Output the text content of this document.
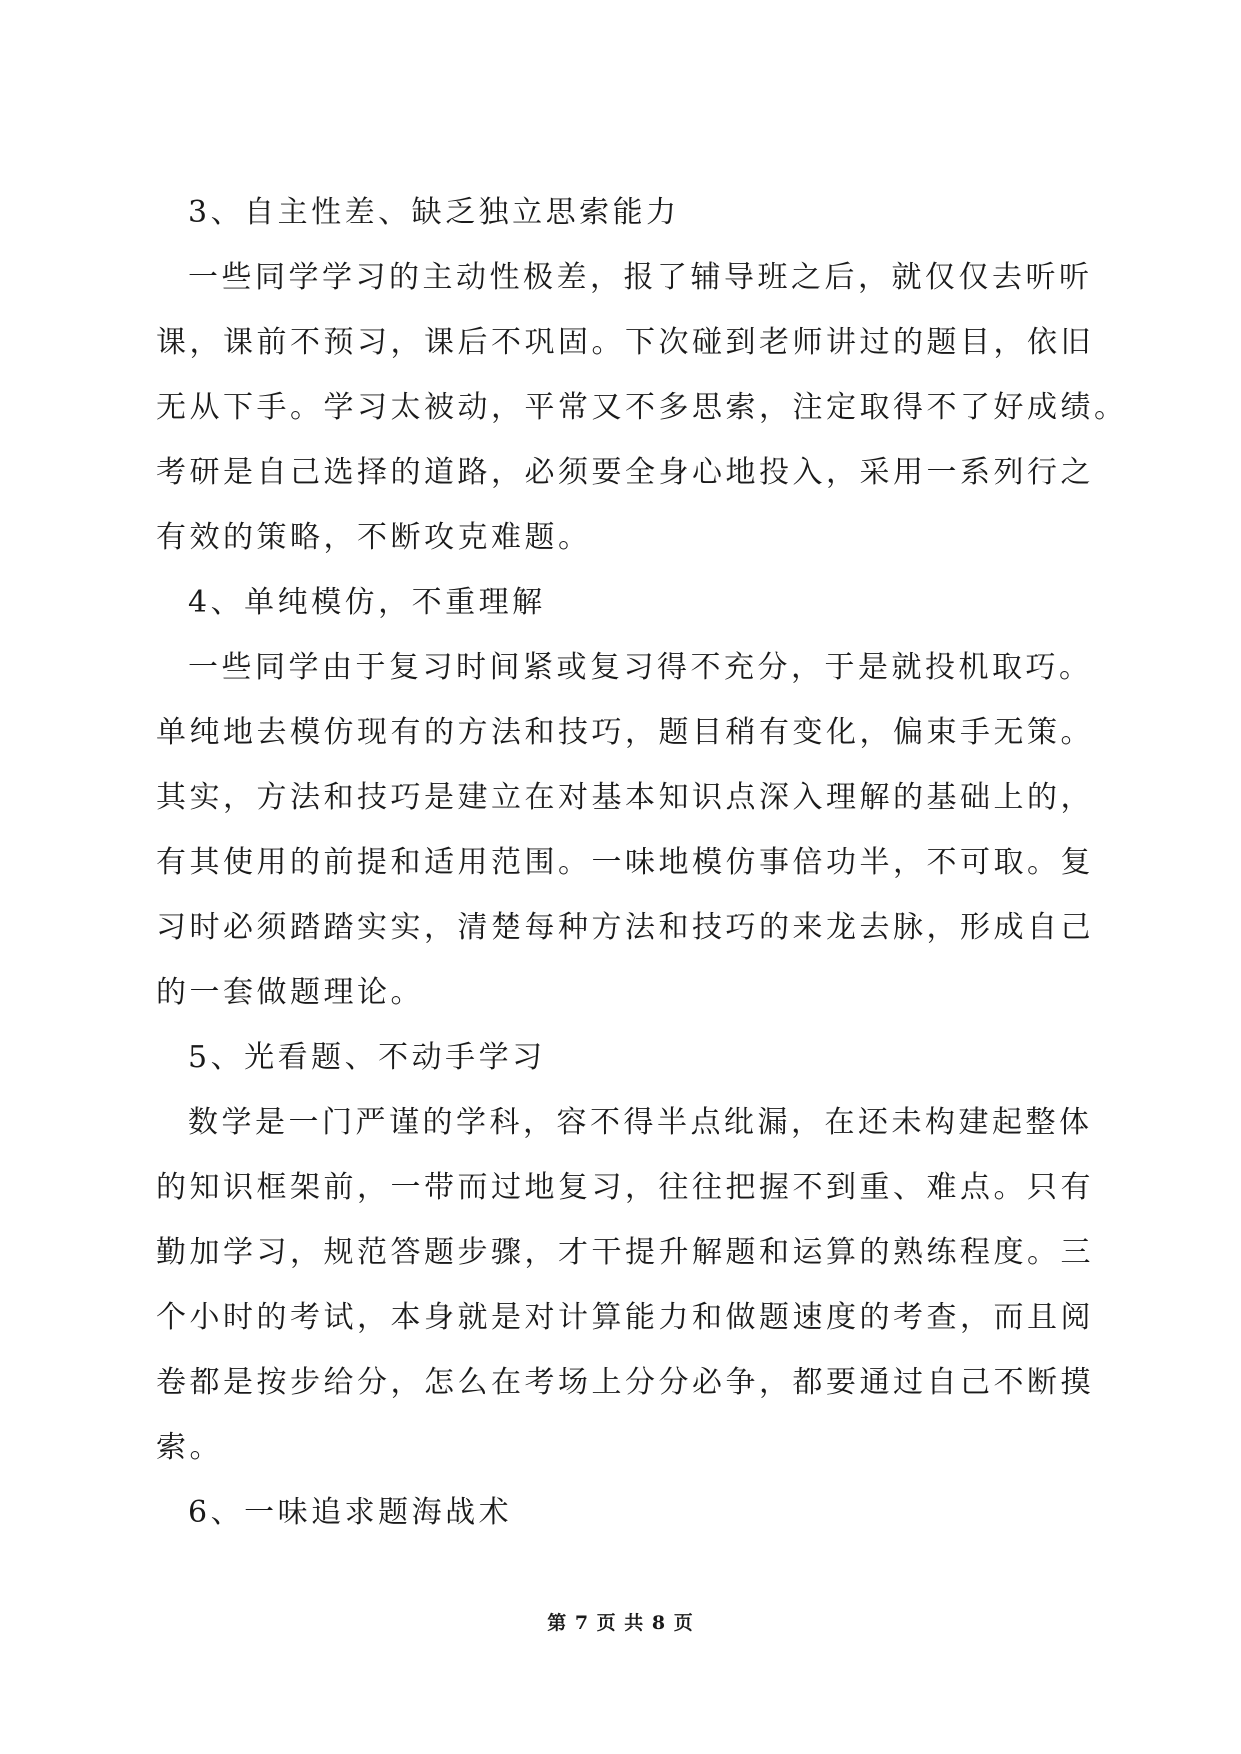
3、自主性差、缺乏独立思索能力

一些同学学习的主动性极差，报了辅导班之后，就仅仅去听听

课，课前不预习，课后不巩固。下次碰到老师讲过的题目，依旧

无从下手。学习太被动，平常又不多思索，注定取得不了好成绩。

考研是自己选择的道路，必须要全身心地投入，采用一系列行之

有效的策略，不断攻克难题。

4、单纯模仿，不重理解

一些同学由于复习时间紧或复习得不充分，于是就投机取巧。

单纯地去模仿现有的方法和技巧，题目稍有变化，偏束手无策。

其实，方法和技巧是建立在对基本知识点深入理解的基础上的，

有其使用的前提和适用范围。一味地模仿事倍功半，不可取。复

习时必须踏踏实实，清楚每种方法和技巧的来龙去脉，形成自己

的一套做题理论。

5、光看题、不动手学习

数学是一门严谨的学科，容不得半点纰漏，在还未构建起整体

的知识框架前，一带而过地复习，往往把握不到重、难点。只有

勤加学习，规范答题步骤，才干提升解题和运算的熟练程度。三

个小时的考试，本身就是对计算能力和做题速度的考查，而且阅

卷都是按步给分，怎么在考场上分分必争，都要通过自己不断摸

索。

6、一味追求题海战术

第 7 页 共 8 页
